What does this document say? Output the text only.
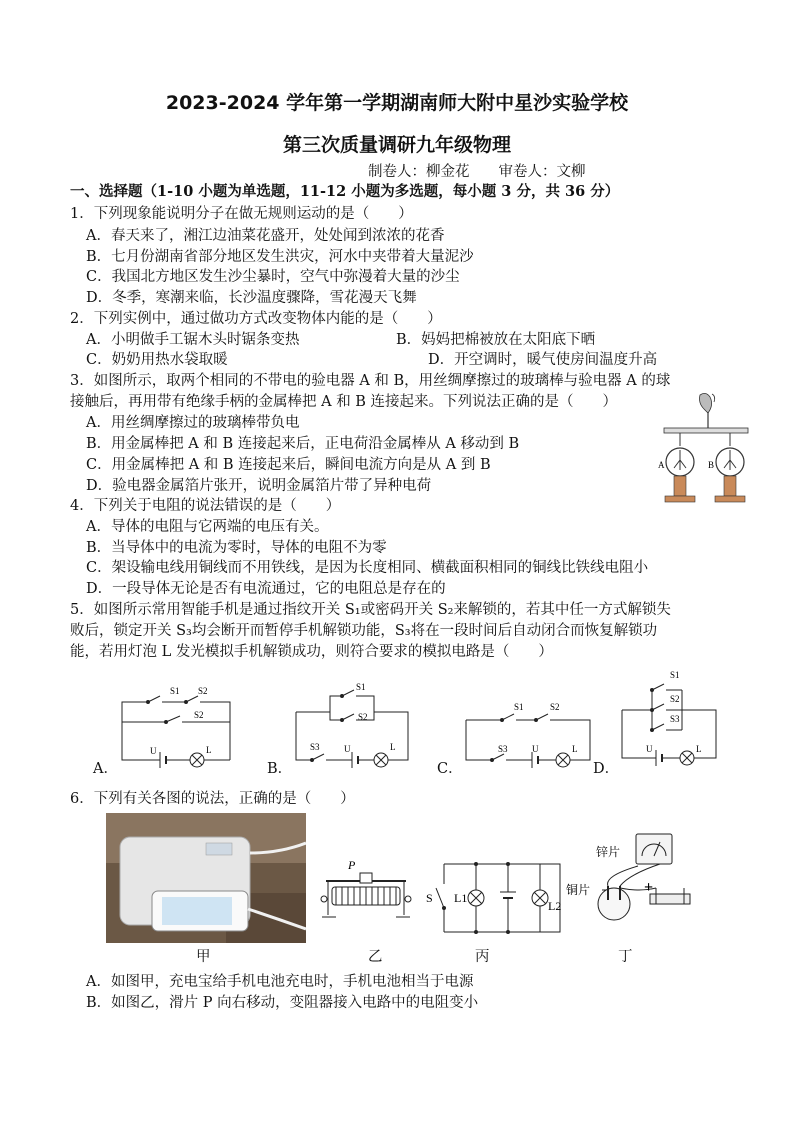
2023-2024 学年第一学期湖南师大附中星沙实验学校
第三次质量调研九年级物理
制卷人：柳金花　　审卷人：文柳
一、选择题（1-10 小题为单选题，11-12 小题为多选题，每小题 3 分，共 36 分）
1．下列现象能说明分子在做无规则运动的是（　　）
A．春天来了，湘江边油菜花盛开，处处闻到浓浓的花香
B．七月份湖南省部分地区发生洪灾，河水中夹带着大量泥沙
C．我国北方地区发生沙尘暴时，空气中弥漫着大量的沙尘
D．冬季，寒潮来临，长沙温度骤降，雪花漫天飞舞
2．下列实例中，通过做功方式改变物体内能的是（　　）
A．小明做手工锯木头时锯条变热	B．妈妈把棉被放在太阳底下晒
C．奶奶用热水袋取暖	D．开空调时，暖气使房间温度升高
3．如图所示，取两个相同的不带电的验电器 A 和 B，用丝绸摩擦过的玻璃棒与验电器 A 的球
接触后，再用带有绝缘手柄的金属棒把 A 和 B 连接起来。下列说法正确的是（　　）
A．用丝绸摩擦过的玻璃棒带负电
B．用金属棒把 A 和 B 连接起来后，正电荷沿金属棒从 A 移动到 B
C．用金属棒把 A 和 B 连接起来后，瞬间电流方向是从 A 到 B
D．验电器金属箔片张开，说明金属箔片带了异种电荷
A	B
4．下列关于电阻的说法错误的是（　　）
A．导体的电阻与它两端的电压有关。
B．当导体中的电流为零时，导体的电阻不为零
C．架设输电线用铜线而不用铁线，是因为长度相同、横截面积相同的铜线比铁线电阻小
D．一段导体无论是否有电流通过，它的电阻总是存在的
5．如图所示常用智能手机是通过指纹开关 S₁或密码开关 S₂来解锁的，若其中任一方式解锁失
败后，锁定开关 S₃均会断开而暂停手机解锁功能，S₃将在一段时间后自动闭合而恢复解锁功
能，若用灯泡 L 发光模拟手机解锁成功，则符合要求的模拟电路是（　　）
S1 S2
S2
U	L
A．
S1
S2
S3	U	L
B．
S1	S2
S3	U	L
C．
S1
S2
S3
U	L
D．
6．下列有关各图的说法，正确的是（　　）
甲
P
乙
S L1
L2
丙
锌片
铜片	+
丁
A．如图甲，充电宝给手机电池充电时，手机电池相当于电源
B．如图乙，滑片 P 向右移动，变阻器接入电路中的电阻变小
